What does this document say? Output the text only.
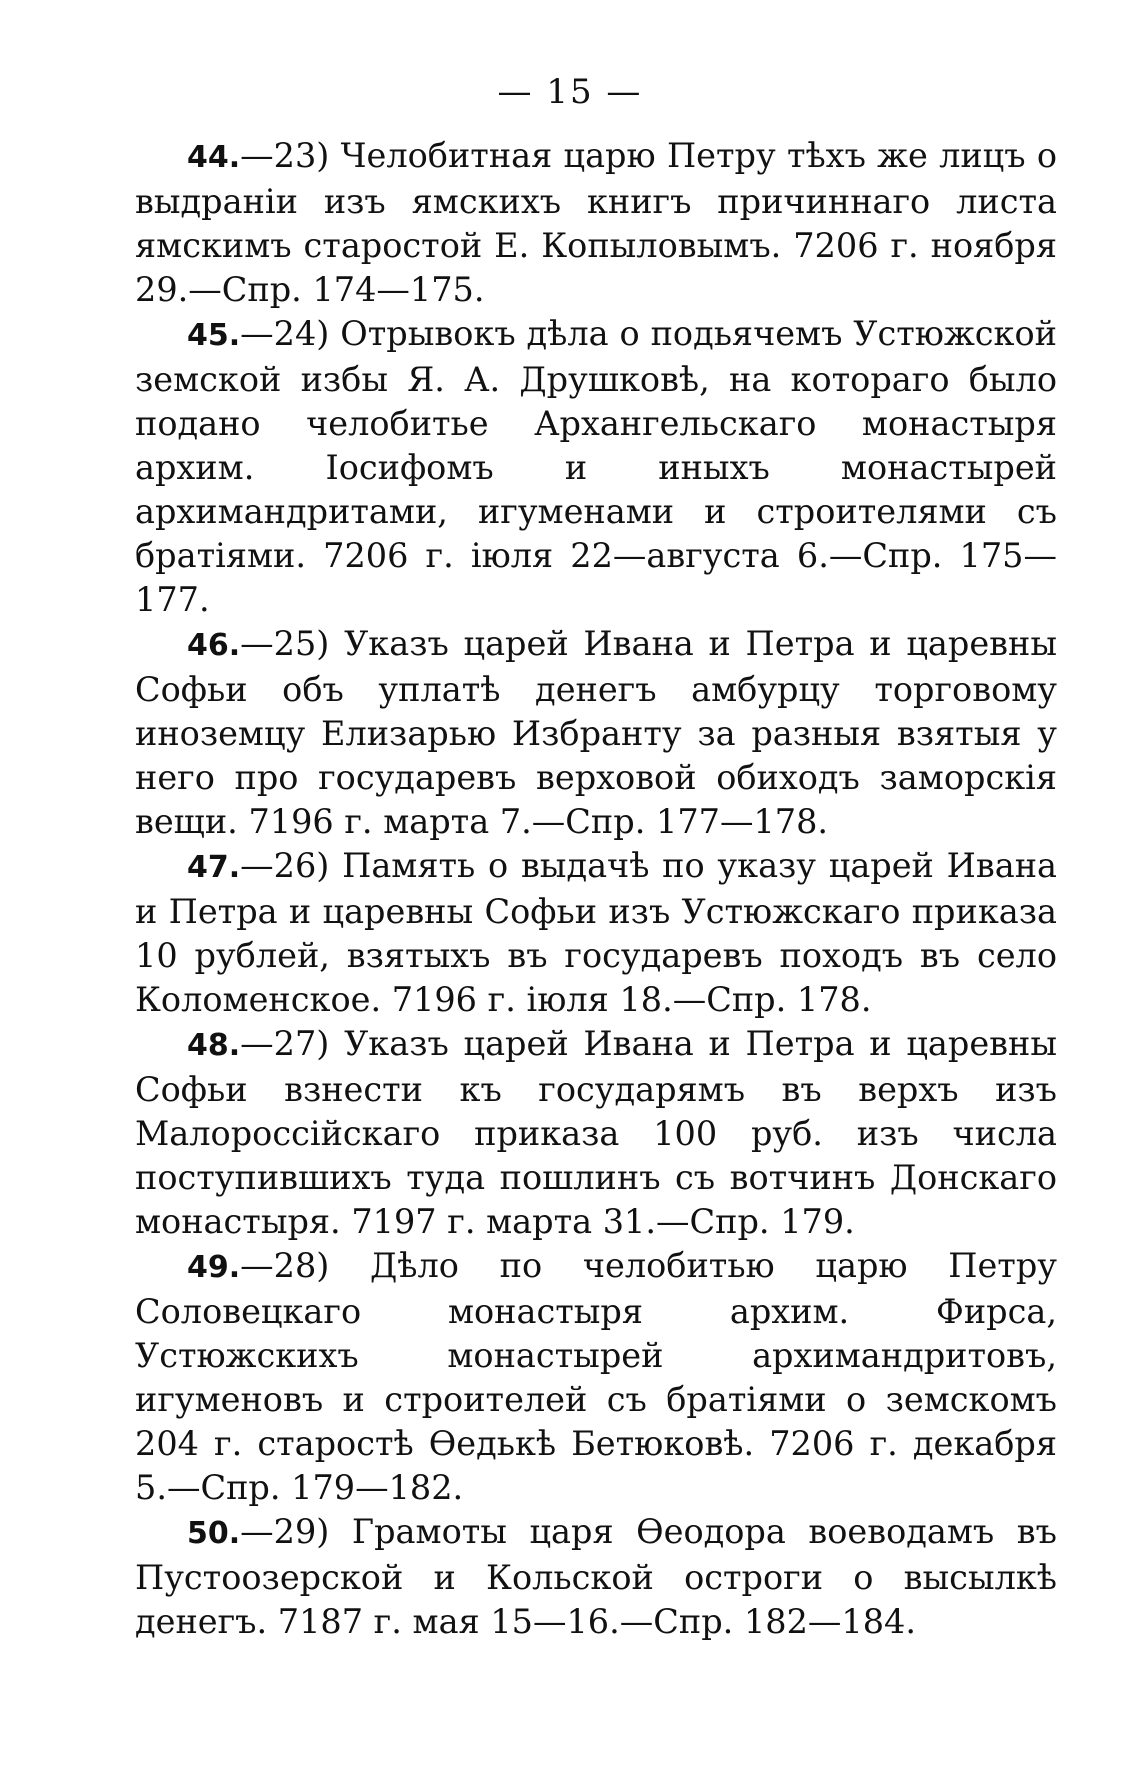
— 15 —

44.—23) Челобитная царю Петру тѣхъ же лицъ о выдранiи изъ ямскихъ книгъ причиннаго листа ямскимъ старостой Е. Копыловымъ. 7206 г. ноября 29.—Спр. 174—175.

45.—24) Отрывокъ дѣла о подьячемъ Устюжской земской избы Я. А. Друшковѣ, на котораго было подано челобитье Архангельскаго монастыря архим. Iосифомъ и иныхъ монастырей архимандритами, игуменами и строителями съ братiями. 7206 г. iюля 22—августа 6.—Спр. 175—177.

46.—25) Указъ царей Ивана и Петра и царевны Софьи объ уплатѣ денегъ амбурцу торговому иноземцу Елизарью Избранту за разныя взятыя у него про государевъ верховой обиходъ заморскiя вещи. 7196 г. марта 7.—Спр. 177—178.

47.—26) Память о выдачѣ по указу царей Ивана и Петра и царевны Софьи изъ Устюжскаго приказа 10 рублей, взятыхъ въ государевъ походъ въ село Коломенское. 7196 г. iюля 18.—Спр. 178.

48.—27) Указъ царей Ивана и Петра и царевны Софьи взнести къ государямъ въ верхъ изъ Малороссiйскаго приказа 100 руб. изъ числа поступившихъ туда пошлинъ съ вотчинъ Донскаго монастыря. 7197 г. марта 31.—Спр. 179.

49.—28) Дѣло по челобитью царю Петру Соловецкаго монастыря архим. Фирса, Устюжскихъ монастырей архимандритовъ, игуменовъ и строителей съ братiями о земскомъ 204 г. старостѣ Ѳедькѣ Бетюковѣ. 7206 г. декабря 5.—Спр. 179—182.

50.—29) Грамоты царя Ѳеодора воеводамъ въ Пустоозерской и Кольской остроги о высылкѣ денегъ. 7187 г. мая 15—16.—Спр. 182—184.
